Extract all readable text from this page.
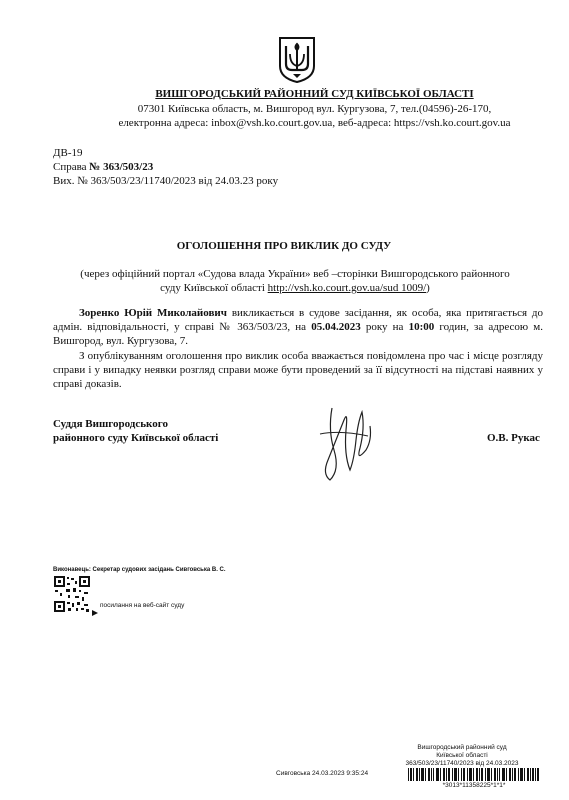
ВИШГОРОДСЬКИЙ РАЙОННИЙ СУД КИЇВСЬКОЇ ОБЛАСТІ
07301 Київська область, м. Вишгород вул. Кургузова, 7, тел.(04596)-26-170,
електронна адреса: inbox@vsh.ko.court.gov.ua, веб-адреса: https://vsh.ko.court.gov.ua
ДВ-19
Справа № 363/503/23
Вих. № 363/503/23/11740/2023 від 24.03.23 року
ОГОЛОШЕННЯ ПРО ВИКЛИК ДО СУДУ
(через офіційний портал «Судова влада України» веб –сторінки Вишгородського районного
суду Київської області http://vsh.ko.court.gov.ua/sud 1009/)
Зоренко Юрій Миколайович викликається в судове засідання, як особа, яка притягається до адмін. відповідальності, у справі № 363/503/23, на 05.04.2023 року на 10:00 годин, за адресою м. Вишгород, вул. Кургузова, 7.
З опублікуванням оголошення про виклик особа вважається повідомлена про час і місце розгляду справи і у випадку неявки розгляд справи може бути проведений за її відсутності на підставі наявних у справі доказів.
Суддя Вишгородського
районного суду Київської області	О.В. Рукас
Виконавець: Секретар судових засідань Сивговська В. С.
посилання на веб-сайт суду
Вишгородський районний суд
Київської області
363/503/23/11740/2023 від 24.03.2023
Сивговська 24.03.2023 9:35:24
*3013*11358225*1*1*
